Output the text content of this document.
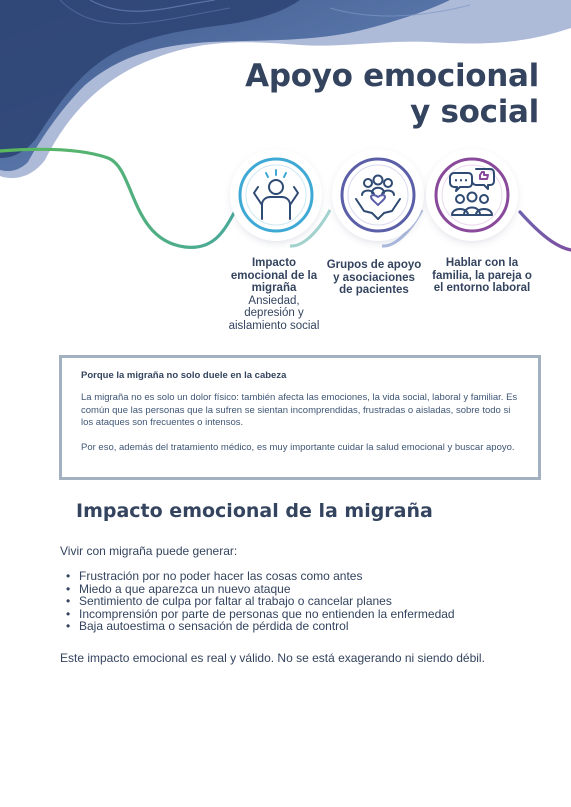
Apoyo emocional
y social
Impacto emocional de la migraña
Ansiedad, depresión y aislamiento social
Grupos de apoyo y asociaciones de pacientes
Hablar con la familia, la pareja o el entorno laboral
Porque la migraña no solo duele en la cabeza

La migraña no es solo un dolor físico: también afecta las emociones, la vida social, laboral y familiar. Es común que las personas que la sufren se sientan incomprendidas, frustradas o aisladas, sobre todo si los ataques son frecuentes o intensos.

Por eso, además del tratamiento médico, es muy importante cuidar la salud emocional y buscar apoyo.

Impacto emocional de la migraña

Vivir con migraña puede generar:

• Frustración por no poder hacer las cosas como antes
• Miedo a que aparezca un nuevo ataque
• Sentimiento de culpa por faltar al trabajo o cancelar planes
• Incomprensión por parte de personas que no entienden la enfermedad
• Baja autoestima o sensación de pérdida de control

Este impacto emocional es real y válido. No se está exagerando ni siendo débil.
